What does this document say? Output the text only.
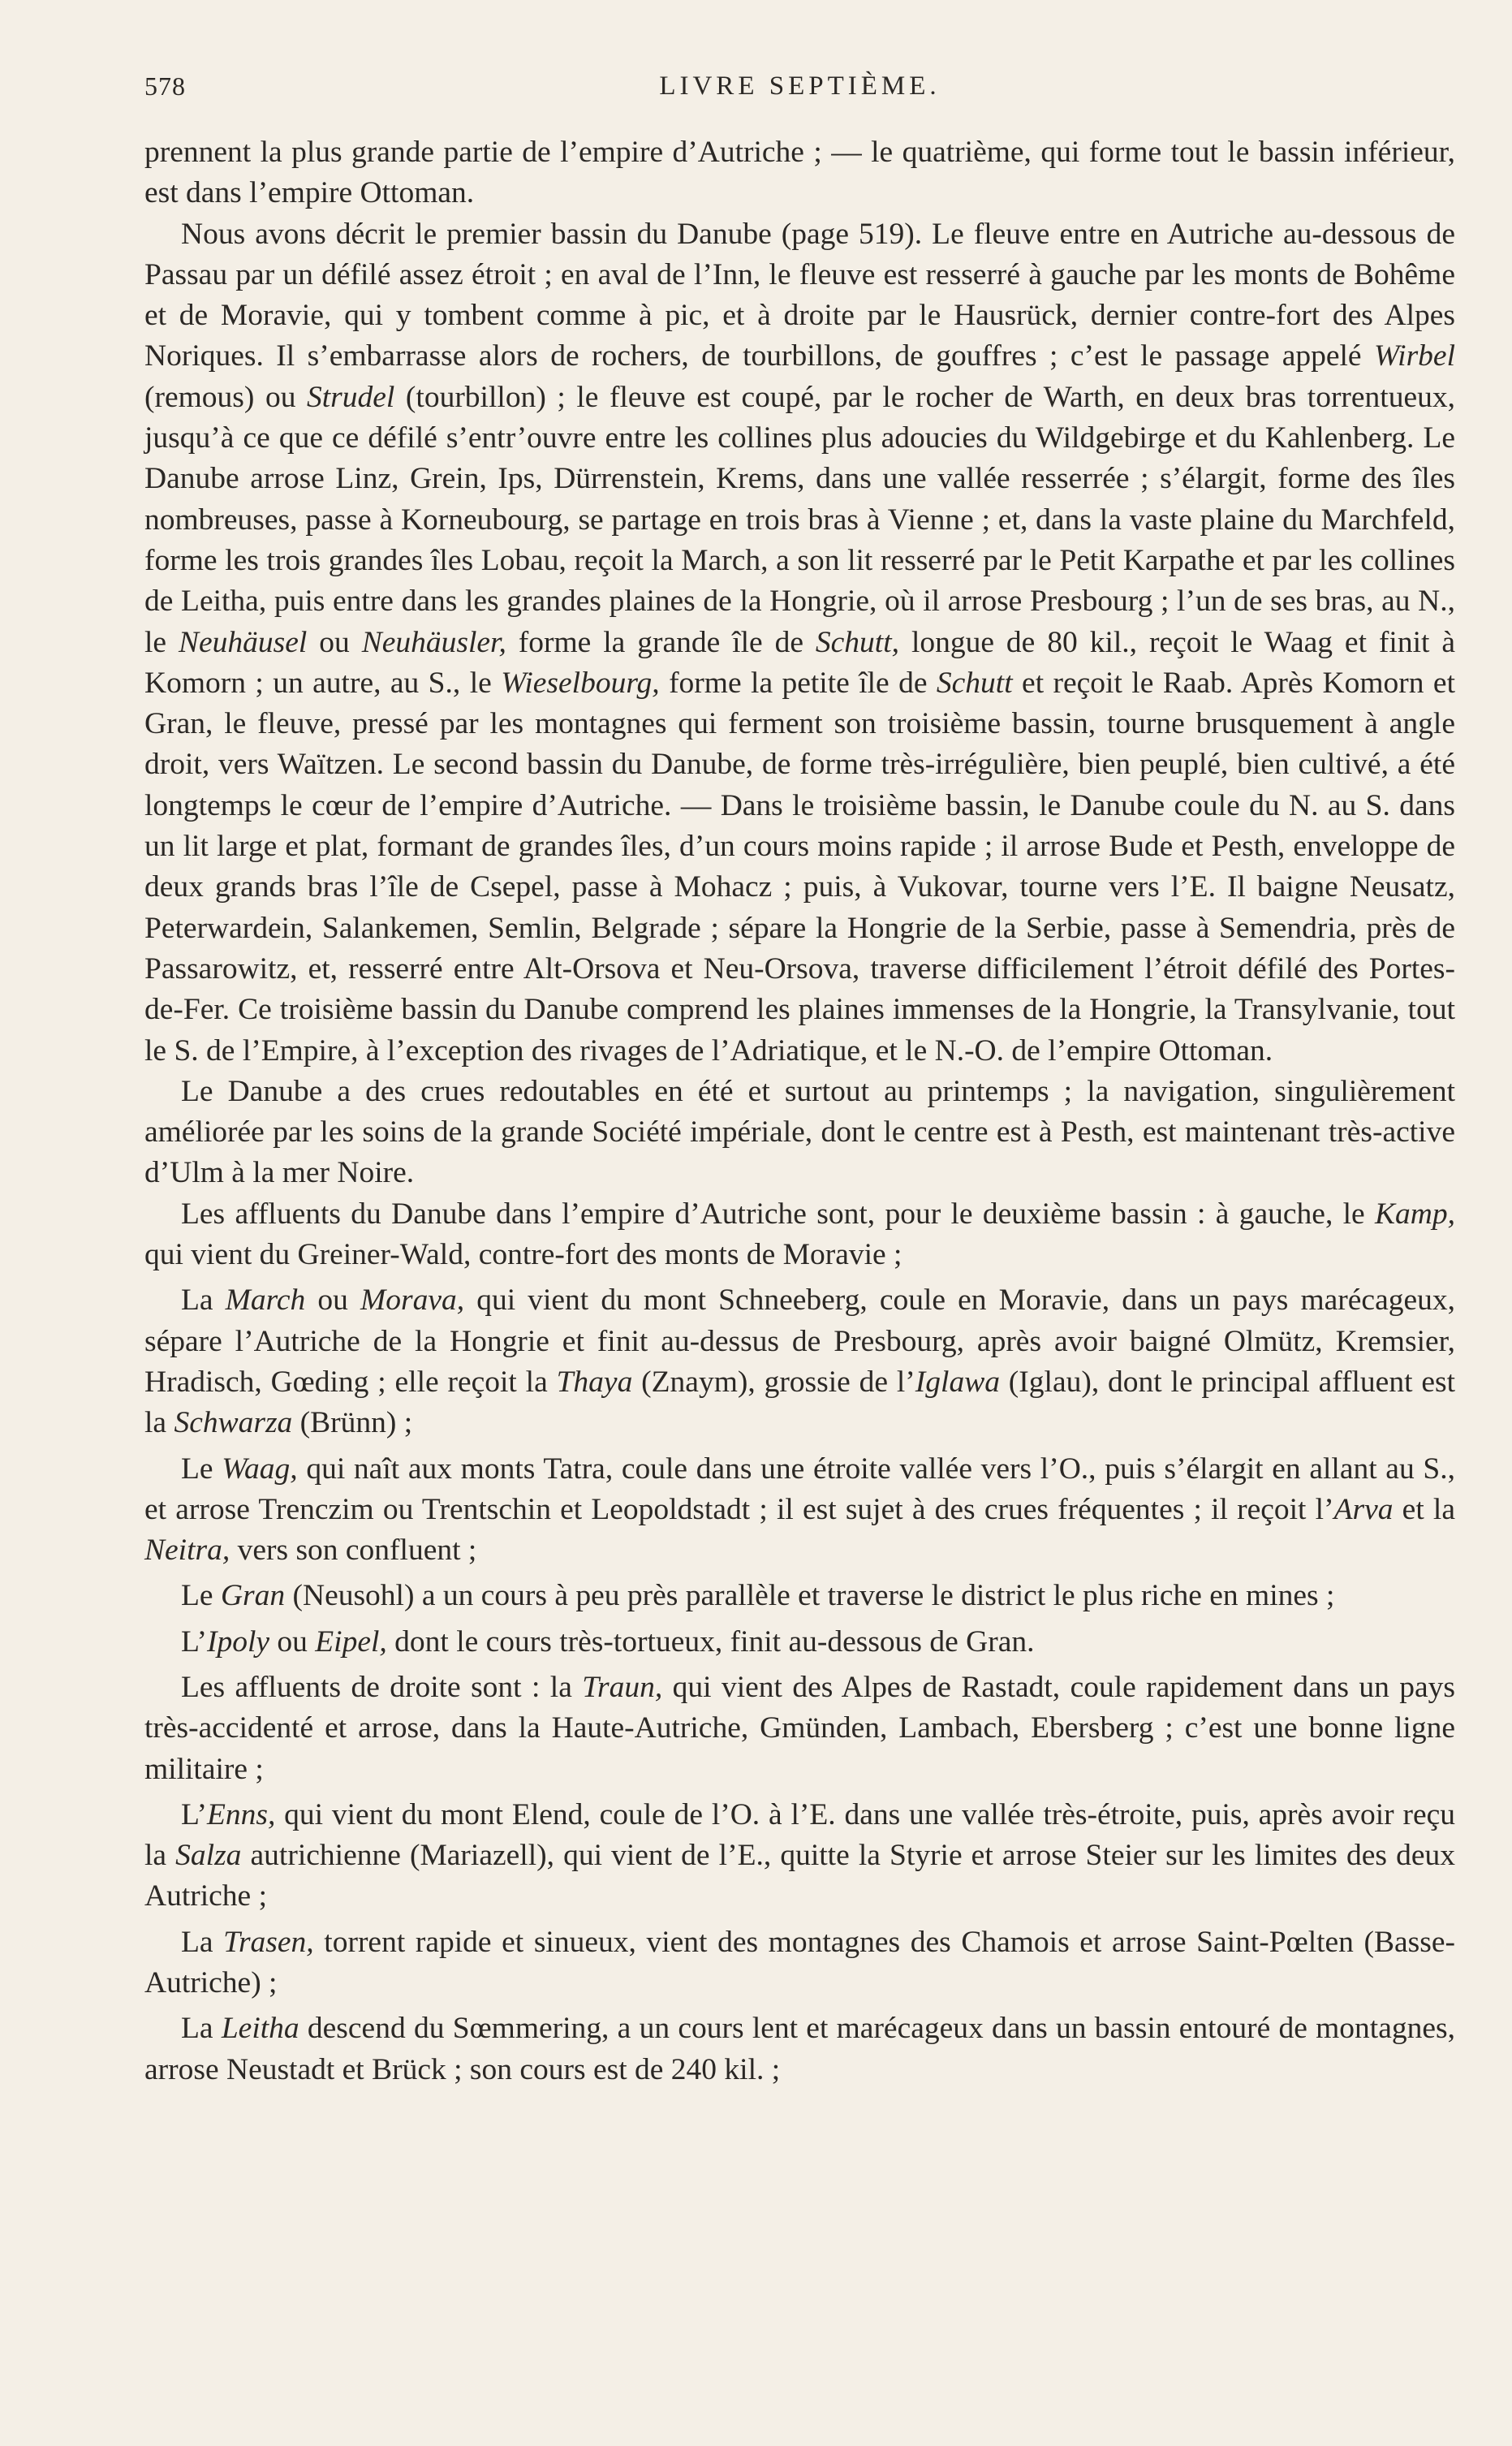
578	LIVRE SEPTIÈME.

prennent la plus grande partie de l’empire d’Autriche ; — le quatrième, qui forme tout le bassin inférieur, est dans l’empire Ottoman.

Nous avons décrit le premier bassin du Danube (page 519). Le fleuve entre en Autriche au-dessous de Passau par un défilé assez étroit ; en aval de l’Inn, le fleuve est resserré à gauche par les monts de Bohême et de Moravie, qui y tombent comme à pic, et à droite par le Hausrück, dernier contre-fort des Alpes Noriques. Il s’embarrasse alors de rochers, de tourbillons, de gouffres ; c’est le passage appelé Wirbel (remous) ou Strudel (tourbillon) ; le fleuve est coupé, par le rocher de Warth, en deux bras torrentueux, jusqu’à ce que ce défilé s’entr’ouvre entre les collines plus adoucies du Wildgebirge et du Kahlenberg. Le Danube arrose Linz, Grein, Ips, Dürrenstein, Krems, dans une vallée resserrée ; s’élargit, forme des îles nombreuses, passe à Korneubourg, se partage en trois bras à Vienne ; et, dans la vaste plaine du Marchfeld, forme les trois grandes îles Lobau, reçoit la March, a son lit resserré par le Petit Karpathe et par les collines de Leitha, puis entre dans les grandes plaines de la Hongrie, où il arrose Presbourg ; l’un de ses bras, au N., le Neuhäusel ou Neuhäusler, forme la grande île de Schutt, longue de 80 kil., reçoit le Waag et finit à Komorn ; un autre, au S., le Wieselbourg, forme la petite île de Schutt et reçoit le Raab. Après Komorn et Gran, le fleuve, pressé par les montagnes qui ferment son troisième bassin, tourne brusquement à angle droit, vers Waïtzen. Le second bassin du Danube, de forme très-irrégulière, bien peuplé, bien cultivé, a été longtemps le cœur de l’empire d’Autriche. — Dans le troisième bassin, le Danube coule du N. au S. dans un lit large et plat, formant de grandes îles, d’un cours moins rapide ; il arrose Bude et Pesth, enveloppe de deux grands bras l’île de Csepel, passe à Mohacz ; puis, à Vukovar, tourne vers l’E. Il baigne Neusatz, Peterwardein, Salankemen, Semlin, Belgrade ; sépare la Hongrie de la Serbie, passe à Semendria, près de Passarowitz, et, resserré entre Alt-Orsova et Neu-Orsova, traverse difficilement l’étroit défilé des Portes-de-Fer. Ce troisième bassin du Danube comprend les plaines immenses de la Hongrie, la Transylvanie, tout le S. de l’Empire, à l’exception des rivages de l’Adriatique, et le N.-O. de l’empire Ottoman.

Le Danube a des crues redoutables en été et surtout au printemps ; la navigation, singulièrement améliorée par les soins de la grande Société impériale, dont le centre est à Pesth, est maintenant très-active d’Ulm à la mer Noire.

Les affluents du Danube dans l’empire d’Autriche sont, pour le deuxième bassin : à gauche, le Kamp, qui vient du Greiner-Wald, contre-fort des monts de Moravie ;

La March ou Morava, qui vient du mont Schneeberg, coule en Moravie, dans un pays marécageux, sépare l’Autriche de la Hongrie et finit au-dessus de Presbourg, après avoir baigné Olmütz, Kremsier, Hradisch, Gœding ; elle reçoit la Thaya (Znaym), grossie de l’Iglawa (Iglau), dont le principal affluent est la Schwarza (Brünn) ;

Le Waag, qui naît aux monts Tatra, coule dans une étroite vallée vers l’O., puis s’élargit en allant au S., et arrose Trenczim ou Trentschin et Leopoldstadt ; il est sujet à des crues fréquentes ; il reçoit l’Arva et la Neitra, vers son confluent ;

Le Gran (Neusohl) a un cours à peu près parallèle et traverse le district le plus riche en mines ;

L’Ipoly ou Eipel, dont le cours très-tortueux, finit au-dessous de Gran.

Les affluents de droite sont : la Traun, qui vient des Alpes de Rastadt, coule rapidement dans un pays très-accidenté et arrose, dans la Haute-Autriche, Gmünden, Lambach, Ebersberg ; c’est une bonne ligne militaire ;

L’Enns, qui vient du mont Elend, coule de l’O. à l’E. dans une vallée très-étroite, puis, après avoir reçu la Salza autrichienne (Mariazell), qui vient de l’E., quitte la Styrie et arrose Steier sur les limites des deux Autriche ;

La Trasen, torrent rapide et sinueux, vient des montagnes des Chamois et arrose Saint-Pœlten (Basse-Autriche) ;

La Leitha descend du Sœmmering, a un cours lent et marécageux dans un bassin entouré de montagnes, arrose Neustadt et Brück ; son cours est de 240 kil. ;
